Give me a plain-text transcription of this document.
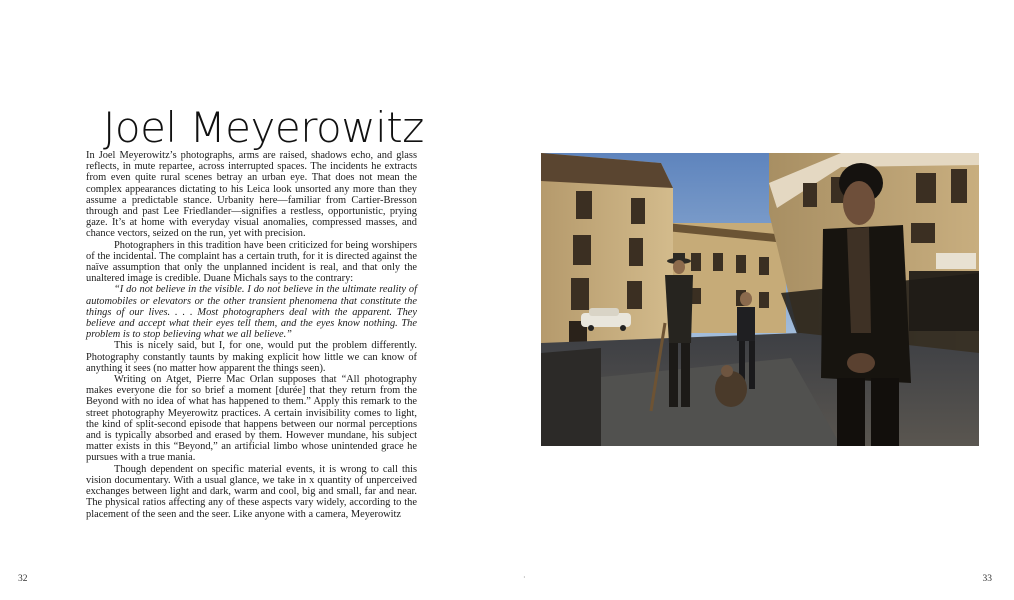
Joel Meyerowitz

In Joel Meyerowitz’s photographs, arms are raised, shadows echo, and glass reflects, in mute repartee, across interrupted spaces. The incidents he extracts from even quite rural scenes betray an urban eye. That does not mean the complex appearances dictating to his Leica look unsorted any more than they assume a predictable stance. Urbanity here—familiar from Cartier-Bresson through and past Lee Friedlander—signifies a restless, opportunistic, prying gaze. It’s at home with everyday visual anomalies, compressed masses, and chance vectors, seized on the run, yet with precision.

Photographers in this tradition have been criticized for being worshipers of the incidental. The complaint has a certain truth, for it is directed against the naïve assumption that only the unplanned incident is real, and that only the unaltered image is credible. Duane Michals says to the contrary:

“I do not believe in the visible. I do not believe in the ultimate reality of automobiles or elevators or the other transient phenomena that constitute the things of our lives. . . . Most photographers deal with the apparent. They believe and accept what their eyes tell them, and the eyes know nothing. The problem is to stop believing what we all believe.”

This is nicely said, but I, for one, would put the problem differently. Photography constantly taunts by making explicit how little we can know of anything it sees (no matter how apparent the things seen).

Writing on Atget, Pierre Mac Orlan supposes that “All photography makes everyone die for so brief a moment [durée] that they return from the Beyond with no idea of what has happened to them.” Apply this remark to the street photography Meyerowitz practices. A certain invisibility comes to light, the kind of split-second episode that happens between our normal perceptions and is typically absorbed and erased by them. However mundane, his subject matter exists in this “Beyond,” an artificial limbo whose unintended grace he pursues with a true mania.

Though dependent on specific material events, it is wrong to call this vision documentary. With a usual glance, we take in x quantity of unperceived exchanges between light and dark, warm and cool, big and small, far and near. The physical ratios affecting any of these aspects vary widely, according to the placement of the seen and the seer. Like anyone with a camera, Meyerowitz

32	·	33
